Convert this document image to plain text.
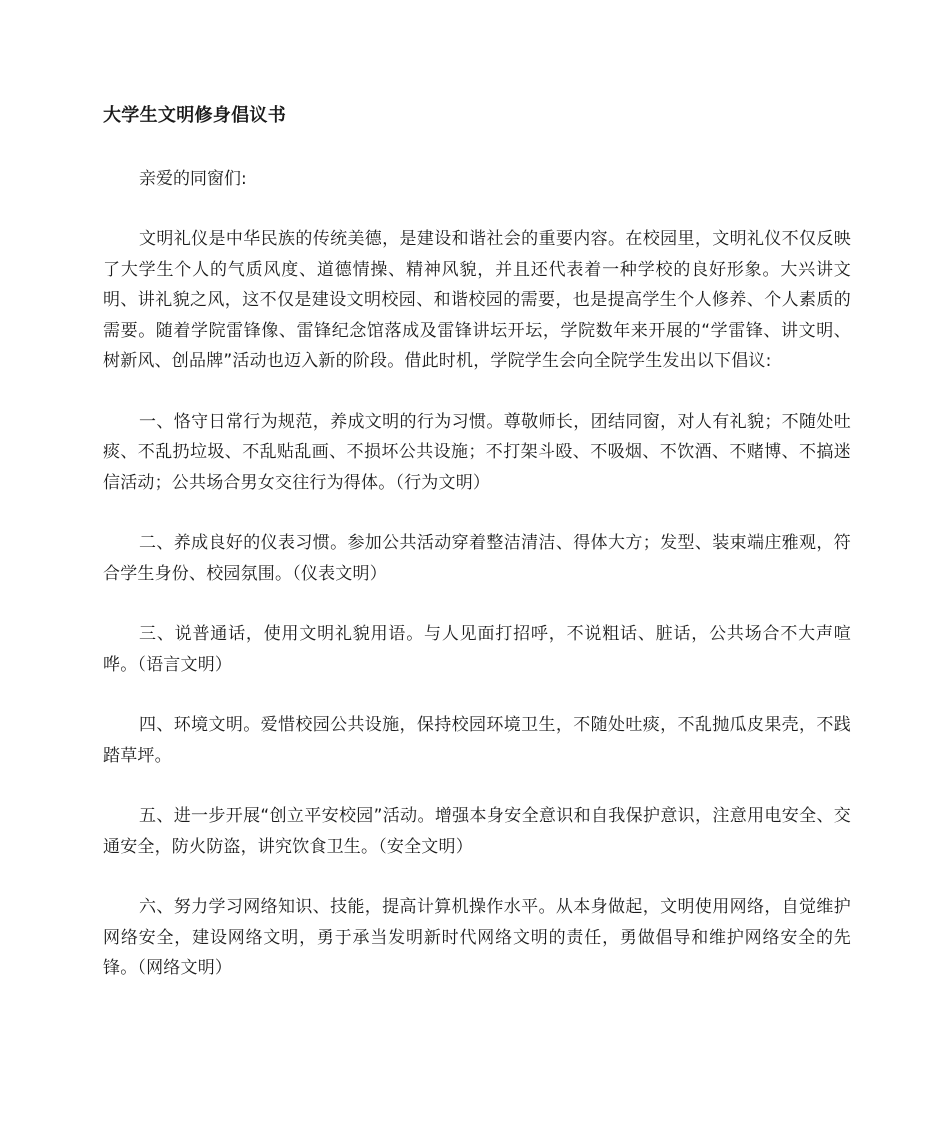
大学生文明修身倡议书

亲爱的同窗们:

文明礼仪是中华民族的传统美德，是建设和谐社会的重要内容。在校园里，文明礼仪不仅反映了大学生个人的气质风度、道德情操、精神风貌，并且还代表着一种学校的良好形象。大兴讲文明、讲礼貌之风，这不仅是建设文明校园、和谐校园的需要，也是提高学生个人修养、个人素质的需要。随着学院雷锋像、雷锋纪念馆落成及雷锋讲坛开坛，学院数年来开展的“学雷锋、讲文明、树新风、创品牌”活动也迈入新的阶段。借此时机，学院学生会向全院学生发出以下倡议:

一、恪守日常行为规范，养成文明的行为习惯。尊敬师长，团结同窗，对人有礼貌；不随处吐痰、不乱扔垃圾、不乱贴乱画、不损坏公共设施；不打架斗殴、不吸烟、不饮酒、不赌博、不搞迷信活动；公共场合男女交往行为得体。（行为文明）

二、养成良好的仪表习惯。参加公共活动穿着整洁清洁、得体大方；发型、装束端庄雅观，符合学生身份、校园氛围。（仪表文明）

三、说普通话，使用文明礼貌用语。与人见面打招呼，不说粗话、脏话，公共场合不大声喧哗。（语言文明）

四、环境文明。爱惜校园公共设施，保持校园环境卫生，不随处吐痰，不乱抛瓜皮果壳，不践踏草坪。

五、进一步开展“创立平安校园”活动。增强本身安全意识和自我保护意识，注意用电安全、交通安全，防火防盗，讲究饮食卫生。（安全文明）

六、努力学习网络知识、技能，提高计算机操作水平。从本身做起，文明使用网络，自觉维护网络安全，建设网络文明，勇于承当发明新时代网络文明的责任，勇做倡导和维护网络安全的先锋。（网络文明）
